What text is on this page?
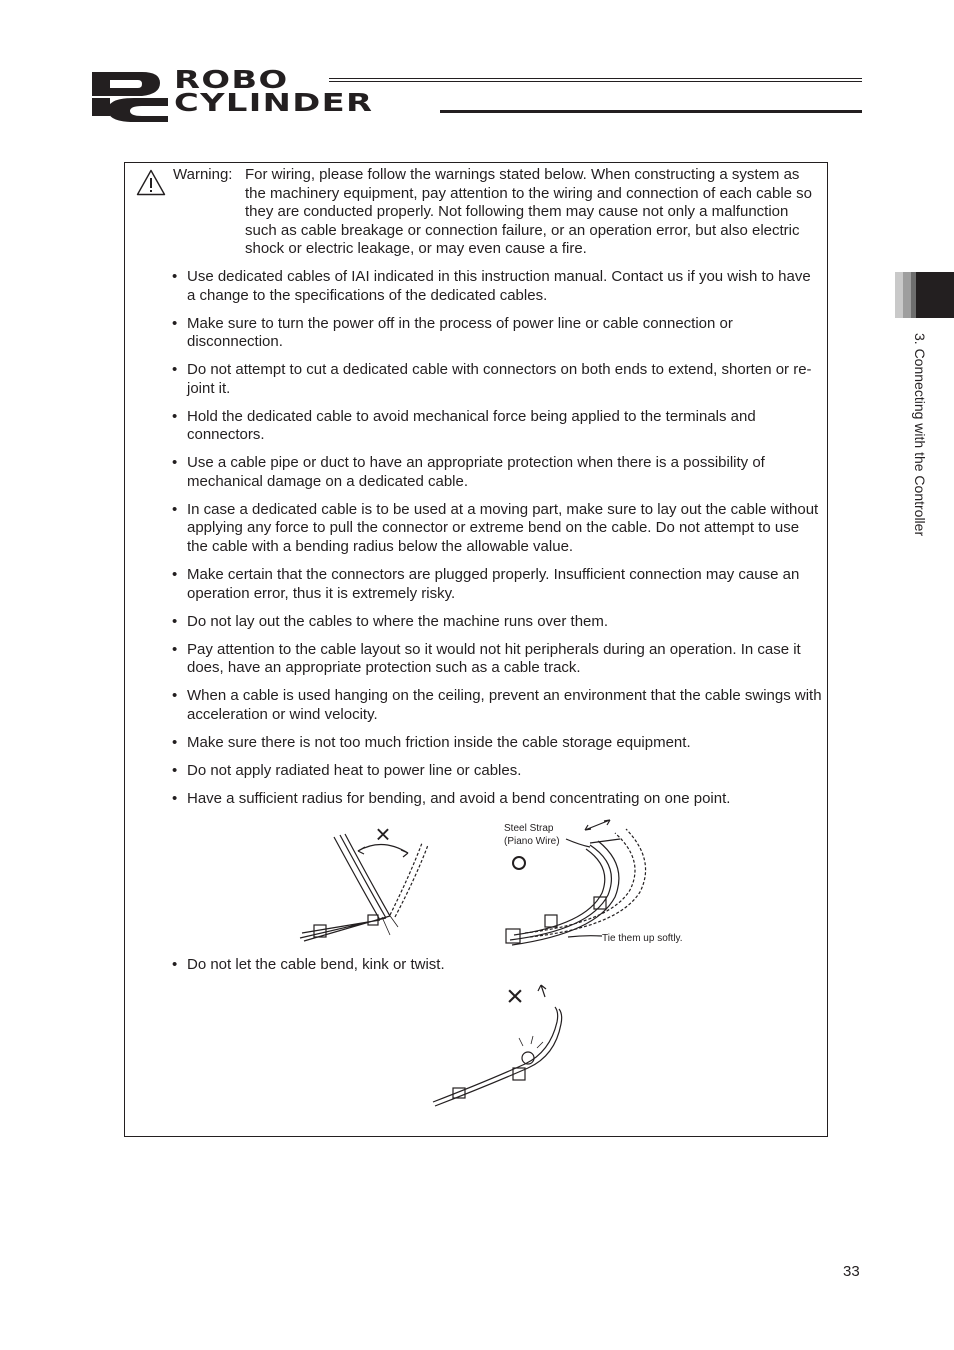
ROBO
CYLINDER
3. Connecting with the Controller
Warning: For wiring, please follow the warnings stated below. When constructing a system as the machinery equipment, pay attention to the wiring and connection of each cable so they are conducted properly. Not following them may cause not only a malfunction such as cable breakage or connection failure, or an operation error, but also electric shock or electric leakage, or may even cause a fire.
• Use dedicated cables of IAI indicated in this instruction manual. Contact us if you wish to have a change to the specifications of the dedicated cables.
• Make sure to turn the power off in the process of power line or cable connection or disconnection.
• Do not attempt to cut a dedicated cable with connectors on both ends to extend, shorten or re-joint it.
• Hold the dedicated cable to avoid mechanical force being applied to the terminals and connectors.
• Use a cable pipe or duct to have an appropriate protection when there is a possibility of mechanical damage on a dedicated cable.
• In case a dedicated cable is to be used at a moving part, make sure to lay out the cable without applying any force to pull the connector or extreme bend on the cable. Do not attempt to use the cable with a bending radius below the allowable value.
• Make certain that the connectors are plugged properly. Insufficient connection may cause an operation error, thus it is extremely risky.
• Do not lay out the cables to where the machine runs over them.
• Pay attention to the cable layout so it would not hit peripherals during an operation. In case it does, have an appropriate protection such as a cable track.
• When a cable is used hanging on the ceiling, prevent an environment that the cable swings with acceleration or wind velocity.
• Make sure there is not too much friction inside the cable storage equipment.
• Do not apply radiated heat to power line or cables.
• Have a sufficient radius for bending, and avoid a bend concentrating on one point.
×	Steel Strap
(Piano Wire)
Tie them up softly.
• Do not let the cable bend, kink or twist.
×
33
